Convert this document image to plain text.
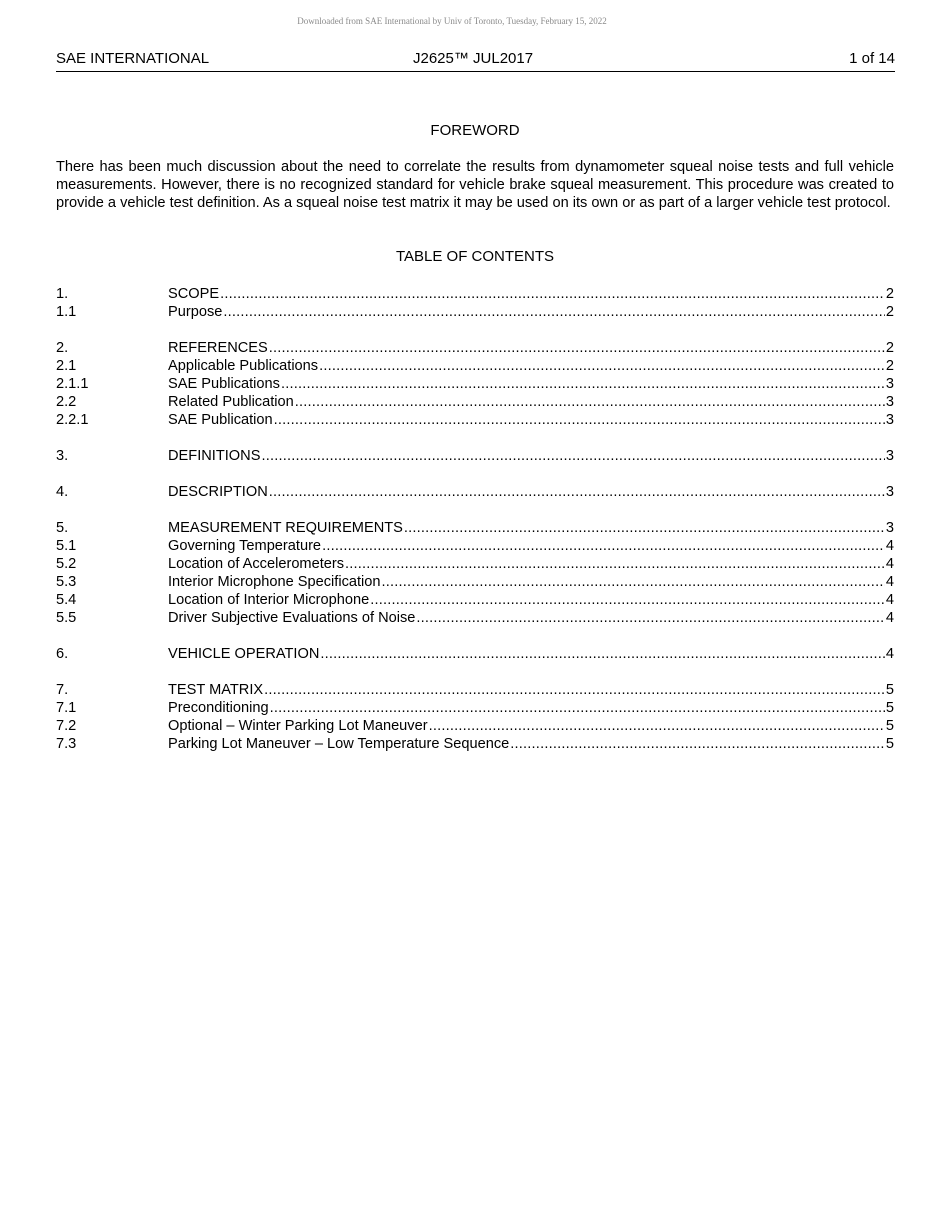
Downloaded from SAE International by Univ of Toronto, Tuesday, February 15, 2022
SAE INTERNATIONAL	J2625™ JUL2017	1 of 14
FOREWORD

There has been much discussion about the need to correlate the results from dynamometer squeal noise tests and full vehicle measurements. However, there is no recognized standard for vehicle brake squeal measurement. This procedure was created to provide a vehicle test definition. As a squeal noise test matrix it may be used on its own or as part of a larger vehicle test protocol.

TABLE OF CONTENTS
1.	SCOPE .....	2
1.1	Purpose .....	2
2.	REFERENCES .....	2
2.1	Applicable Publications .....	2
2.1.1	SAE Publications .....	3
2.2	Related Publication .....	3
2.2.1	SAE Publication .....	3
3.	DEFINITIONS .....	3
4.	DESCRIPTION .....	3
5.	MEASUREMENT REQUIREMENTS .....	3
5.1	Governing Temperature .....	4
5.2	Location of Accelerometers .....	4
5.3	Interior Microphone Specification .....	4
5.4	Location of Interior Microphone .....	4
5.5	Driver Subjective Evaluations of Noise .....	4
6.	VEHICLE OPERATION .....	4
7.	TEST MATRIX .....	5
7.1	Preconditioning .....	5
7.2	Optional – Winter Parking Lot Maneuver .....	5
7.3	Parking Lot Maneuver – Low Temperature Sequence .....	5
